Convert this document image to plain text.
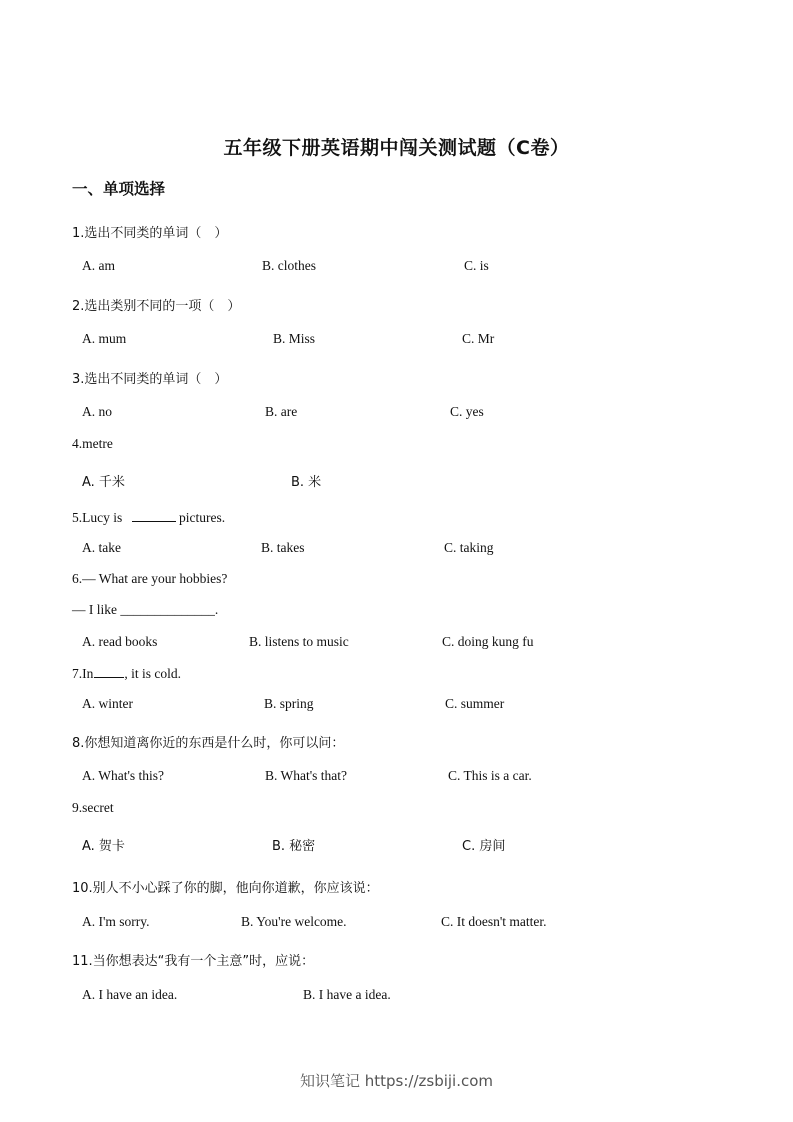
五年级下册英语期中闯关测试题（C卷）
一、单项选择
1.选出不同类的单词（　）
A. am	B. clothes	C. is
2.选出类别不同的一项（　）
A. mum	B. Miss	C. Mr
3.选出不同类的单词（　）
A. no	B. are	C. yes
4.metre
A. 千米	B. 米
5.Lucy is	pictures.
A. take	B. takes	C. taking
6.— What are your hobbies?
— I like ______________.
A. read books	B. listens to music	C. doing kung fu
7.In , it is cold.
A. winter	B. spring	C. summer
8.你想知道离你近的东西是什么时，你可以问：
A. What's this?	B. What's that?	C. This is a car.
9.secret
A. 贺卡	B. 秘密	C. 房间
10.别人不小心踩了你的脚，他向你道歉，你应该说：
A. I'm sorry.	B. You're welcome.	C. It doesn't matter.
11.当你想表达“我有一个主意”时，应说：
A. I have an idea.	B. I have a idea.
知识笔记 https://zsbiji.com
